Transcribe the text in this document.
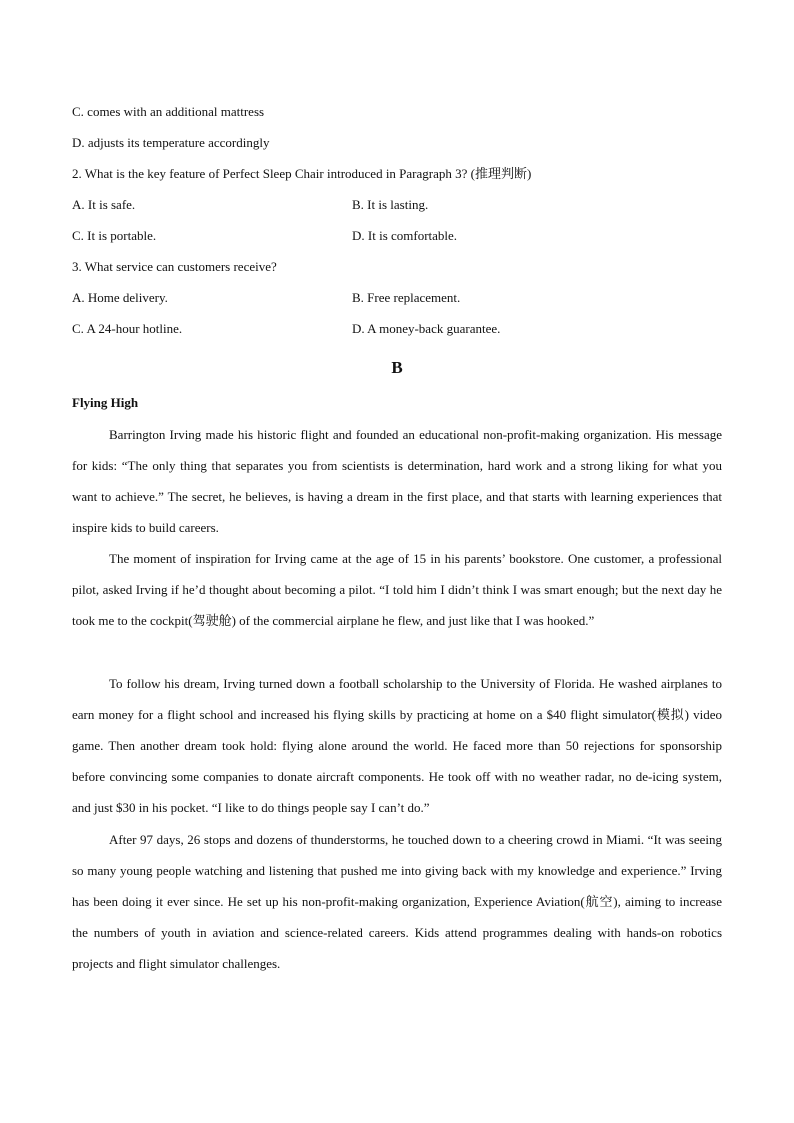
C. comes with an additional mattress
D. adjusts its temperature accordingly
2. What is the key feature of Perfect Sleep Chair introduced in Paragraph 3? (推理判断)
A. It is safe.	B. It is lasting.
C. It is portable.	D. It is comfortable.
3. What service can customers receive?
A. Home delivery.	B. Free replacement.
C. A 24-hour hotline.	D. A money-back guarantee.
B
Flying High

Barrington Irving made his historic flight and founded an educational non-profit-making organization. His message for kids: “The only thing that separates you from scientists is determination, hard work and a strong liking for what you want to achieve.” The secret, he believes, is having a dream in the first place, and that starts with learning experiences that inspire kids to build careers.

The moment of inspiration for Irving came at the age of 15 in his parents’ bookstore. One customer, a professional pilot, asked Irving if he’d thought about becoming a pilot. “I told him I didn’t think I was smart enough; but the next day he took me to the cockpit(驾驶舱) of the commercial airplane he flew, and just like that I was hooked.”

To follow his dream, Irving turned down a football scholarship to the University of Florida. He washed airplanes to earn money for a flight school and increased his flying skills by practicing at home on a $40 flight simulator(模拟) video game. Then another dream took hold: flying alone around the world. He faced more than 50 rejections for sponsorship before convincing some companies to donate aircraft components. He took off with no weather radar, no de-icing system, and just $30 in his pocket. “I like to do things people say I can’t do.”

After 97 days, 26 stops and dozens of thunderstorms, he touched down to a cheering crowd in Miami. “It was seeing so many young people watching and listening that pushed me into giving back with my knowledge and experience.” Irving has been doing it ever since. He set up his non-profit-making organization, Experience Aviation(航空), aiming to increase the numbers of youth in aviation and science-related careers. Kids attend programmes dealing with hands-on robotics projects and flight simulator challenges.
